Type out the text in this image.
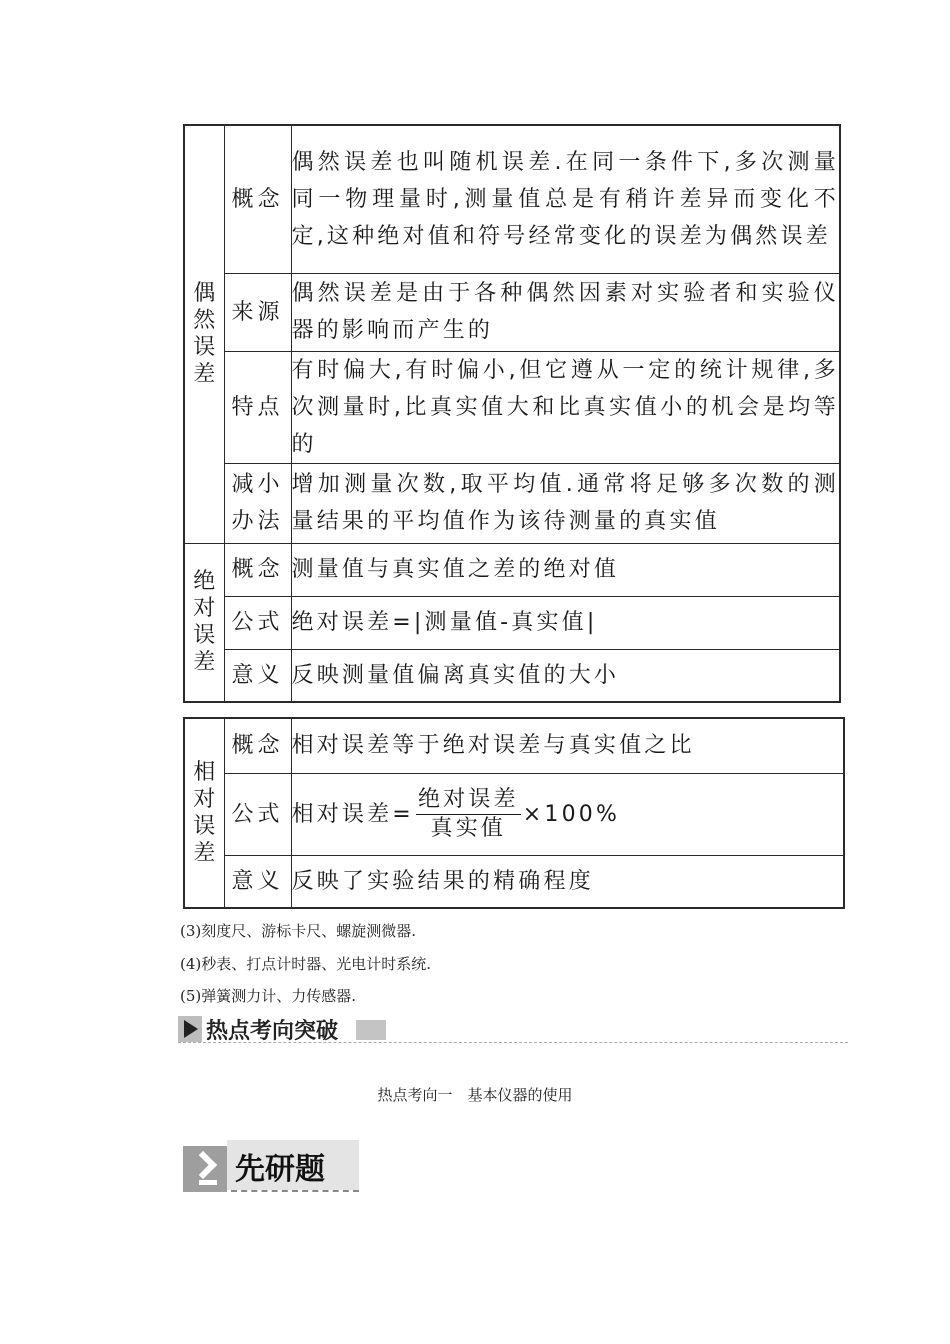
偶然误差	概念	偶然误差也叫随机误差.在同一条件下,多次测量同一物理量时,测量值总是有稍许差异而变化不定,这种绝对值和符号经常变化的误差为偶然误差
	来源	偶然误差是由于各种偶然因素对实验者和实验仪器的影响而产生的
	特点	有时偏大,有时偏小,但它遵从一定的统计规律,多次测量时,比真实值大和比真实值小的机会是均等的
	减小办法	增加测量次数,取平均值.通常将足够多次数的测量结果的平均值作为该待测量的真实值
绝对误差	概念	测量值与真实值之差的绝对值
	公式	绝对误差=|测量值-真实值|
	意义	反映测量值偏离真实值的大小
相对误差	概念	相对误差等于绝对误差与真实值之比
	公式	相对误差= $\frac{\text{绝对误差}}{\text{真实值}} \times 100\%$

	意义	反映了实验结果的精确程度
(3)刻度尺、游标卡尺、螺旋测微器.
(4)秒表、打点计时器、光电计时系统.
(5)弹簧测力计、力传感器.
热点考向突破
热点考向一　基本仪器的使用
先研题
